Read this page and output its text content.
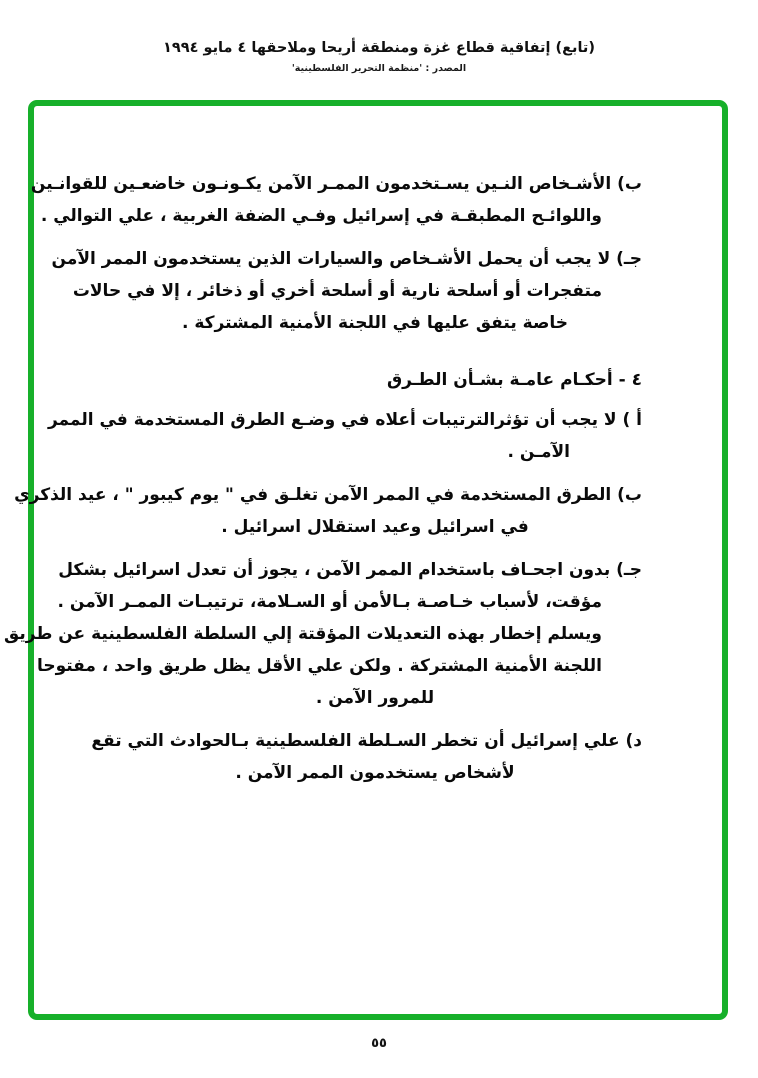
(تابع) إتفاقية قطاع غزة ومنطقة أريحا وملاحقها ٤ مايو ١٩٩٤
المصدر : 'منظمة التحرير الفلسطينية'
ب) الأشـخاص النـين يسـتخدمون الممـر الآمن يكـونـون خاضعـين للقوانـين
واللوائـح المطبقـة في إسرائيل وفـي الضفة الغربية ، علي التوالي .
جـ) لا يجب أن يحمل الأشـخاص والسيارات الذين يستخدمون الممر الآمن
متفجرات أو أسلحة نارية أو أسلحة أخري أو ذخائر ، إلا في حالات
خاصة يتفق عليها في اللجنة الأمنية المشتركة .
٤ - أحكـام عامـة بشـأن الطـرق
أ ) لا يجب أن تؤثرالترتيبات أعلاه في وضـع الطرق المستخدمة في الممر
الآمـن .
ب) الطرق المستخدمة في الممر الآمن تغلـق في " يوم كيبور " ، عيد الذكري
في اسرائيل وعيد استقلال اسرائيل .
جـ) بدون اجحـاف باستخدام الممر الآمن ، يجوز أن تعدل اسرائيل بشكل
مؤقت، لأسباب خـاصـة بـالأمن أو السـلامة، ترتيبـات الممـر الآمن .
ويسلم إخطار بهذه التعديلات المؤقتة إلي السلطة الفلسطينية عن طريق
اللجنة الأمنية المشتركة . ولكن علي الأقل يظل طريق واحد ، مفتوحا
للمرور الآمن .
د) علي إسرائيل أن تخطر السـلطة الفلسطينية بـالحوادث التي تقع
لأشخاص يستخدمون الممر الآمن .
٥٥
